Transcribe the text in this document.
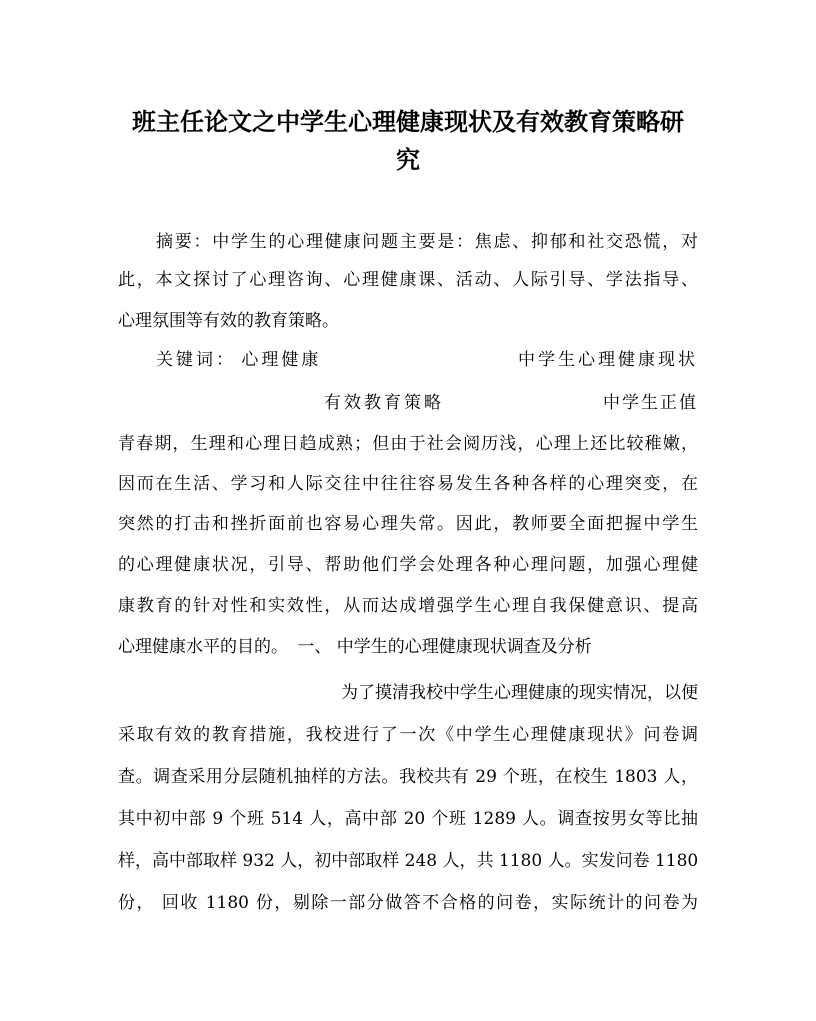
班主任论文之中学生心理健康现状及有效教育策略研
究
摘要：中学生的心理健康问题主要是：焦虑、抑郁和社交恐慌，对
此，本文探讨了心理咨询、心理健康课、活动、人际引导、学法指导、
心理氛围等有效的教育策略。
关键词： 心理健康	中学生心理健康现状
有效教育策略	中学生正值
青春期，生理和心理日趋成熟；但由于社会阅历浅，心理上还比较稚嫩，
因而在生活、学习和人际交往中往往容易发生各种各样的心理突变，在
突然的打击和挫折面前也容易心理失常。因此，教师要全面把握中学生
的心理健康状况，引导、帮助他们学会处理各种心理问题，加强心理健
康教育的针对性和实效性，从而达成增强学生心理自我保健意识、提高
心理健康水平的目的。 一、 中学生的心理健康现状调查及分析
为了摸清我校中学生心理健康的现实情况，以便
采取有效的教育措施，我校进行了一次《中学生心理健康现状》问卷调
查。调查采用分层随机抽样的方法。我校共有 29 个班，在校生 1803 人，
其中初中部 9 个班 514 人，高中部 20 个班 1289 人。调查按男女等比抽
样，高中部取样 932 人，初中部取样 248 人，共 1180 人。实发问卷 1180
份， 回收 1180 份，剔除一部分做答不合格的问卷，实际统计的问卷为
